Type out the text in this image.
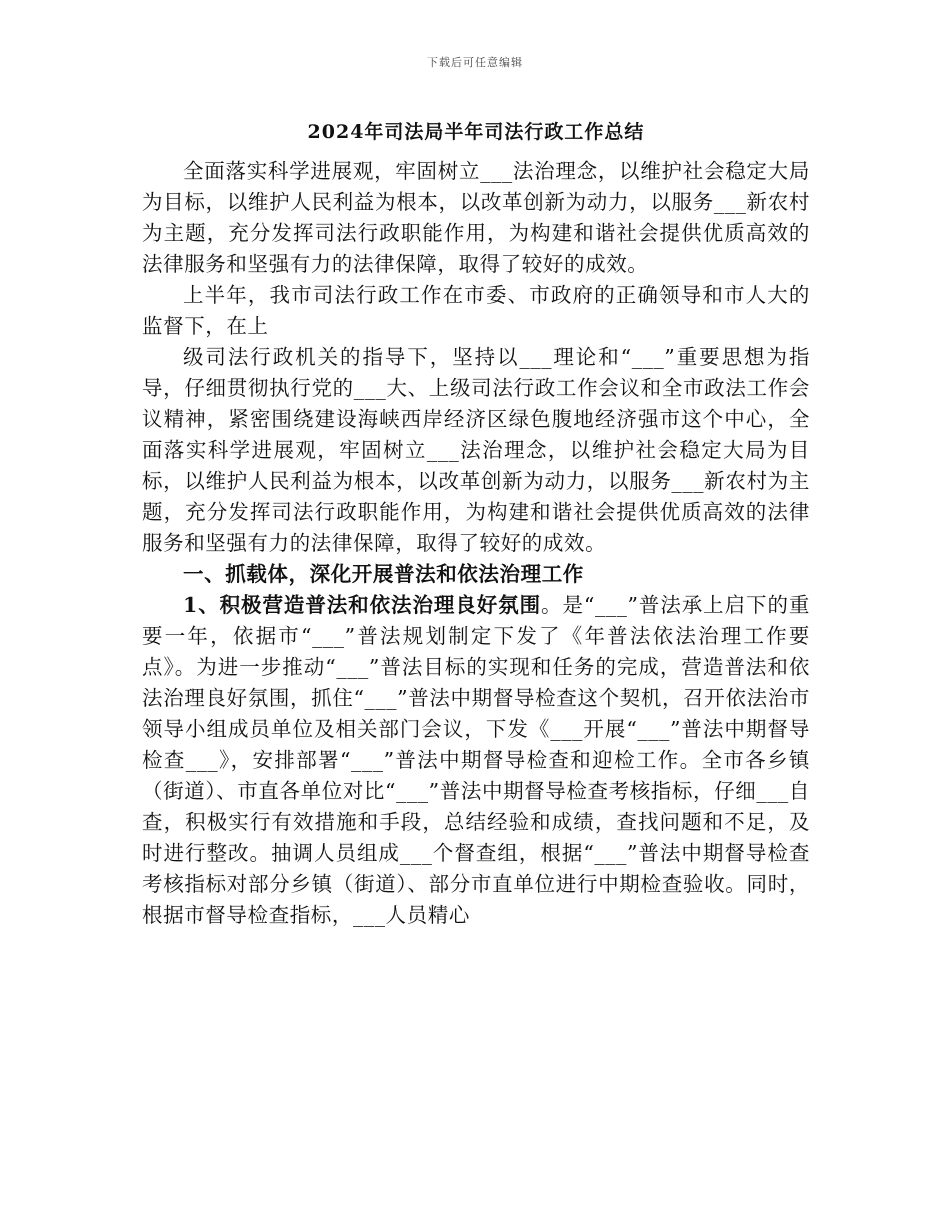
下载后可任意编辑
2024年司法局半年司法行政工作总结

全面落实科学进展观，牢固树立___法治理念，以维护社会稳定大局为目标，以维护人民利益为根本，以改革创新为动力，以服务___新农村为主题，充分发挥司法行政职能作用，为构建和谐社会提供优质高效的法律服务和坚强有力的法律保障，取得了较好的成效。

上半年，我市司法行政工作在市委、市政府的正确领导和市人大的监督下，在上

级司法行政机关的指导下，坚持以___理论和“___”重要思想为指导，仔细贯彻执行党的___大、上级司法行政工作会议和全市政法工作会议精神，紧密围绕建设海峡西岸经济区绿色腹地经济强市这个中心，全面落实科学进展观，牢固树立___法治理念，以维护社会稳定大局为目标，以维护人民利益为根本，以改革创新为动力，以服务___新农村为主题，充分发挥司法行政职能作用，为构建和谐社会提供优质高效的法律服务和坚强有力的法律保障，取得了较好的成效。

一、抓载体，深化开展普法和依法治理工作

1、积极营造普法和依法治理良好氛围。是“___”普法承上启下的重要一年，依据市“___”普法规划制定下发了《年普法依法治理工作要点》。为进一步推动“___”普法目标的实现和任务的完成，营造普法和依法治理良好氛围，抓住“___”普法中期督导检查这个契机，召开依法治市领导小组成员单位及相关部门会议，下发《___开展“___”普法中期督导检查___》，安排部署“___”普法中期督导检查和迎检工作。全市各乡镇（街道）、市直各单位对比“___”普法中期督导检查考核指标，仔细___自查，积极实行有效措施和手段，总结经验和成绩，查找问题和不足，及时进行整改。抽调人员组成___个督查组，根据“___”普法中期督导检查考核指标对部分乡镇（街道）、部分市直单位进行中期检查验收。同时，根据市督导检查指标，___人员精心
